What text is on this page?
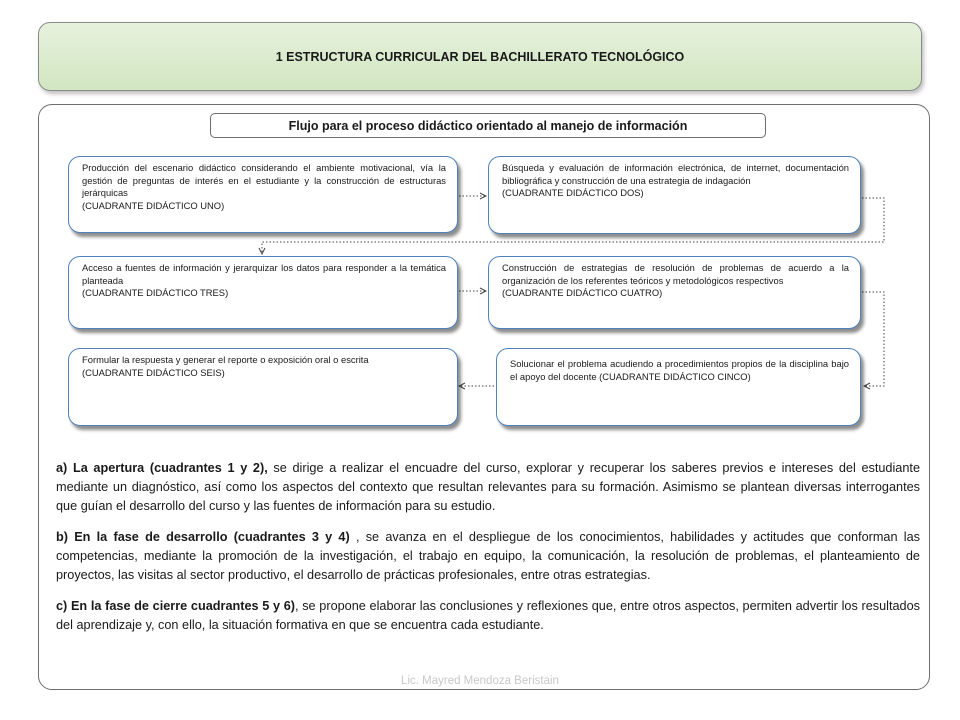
1 ESTRUCTURA CURRICULAR DEL BACHILLERATO TECNOLÓGICO
Flujo para el proceso didáctico orientado al manejo de información
Producción del escenario didáctico considerando el ambiente motivacional, vía la gestión de preguntas de interés en el estudiante y la construcción de estructuras jerárquicas
(CUADRANTE DIDÁCTICO UNO)
Búsqueda y evaluación de información electrónica, de internet, documentación bibliográfica y construcción de una estrategia de indagación
(CUADRANTE DIDÁCTICO DOS)
Acceso a fuentes de información y jerarquizar los datos para responder a la temática planteada
(CUADRANTE DIDÁCTICO TRES)
Construcción de estrategias de resolución de problemas de acuerdo a la organización de los referentes teóricos y metodológicos respectivos
(CUADRANTE DIDÁCTICO CUATRO)
Solucionar el problema acudiendo a procedimientos propios de la disciplina bajo el apoyo del docente (CUADRANTE DIDÁCTICO CINCO)
Formular la respuesta y generar el reporte o exposición oral o escrita
(CUADRANTE DIDÁCTICO SEIS)

a) La apertura (cuadrantes 1 y 2), se dirige a realizar el encuadre del curso, explorar y recuperar los saberes previos e intereses del estudiante mediante un diagnóstico, así como los aspectos del contexto que resultan relevantes para su formación. Asimismo se plantean diversas interrogantes que guían el desarrollo del curso y las fuentes de información para su estudio.

b) En la fase de desarrollo (cuadrantes 3 y 4) , se avanza en el despliegue de los conocimientos, habilidades y actitudes que conforman las competencias, mediante la promoción de la investigación, el trabajo en equipo, la comunicación, la resolución de problemas, el planteamiento de proyectos, las visitas al sector productivo, el desarrollo de prácticas profesionales, entre otras estrategias.

c) En la fase de cierre cuadrantes 5 y 6), se propone elaborar las conclusiones y reflexiones que, entre otros aspectos, permiten advertir los resultados del aprendizaje y, con ello, la situación formativa en que se encuentra cada estudiante.

Lic. Mayred Mendoza Beristain
